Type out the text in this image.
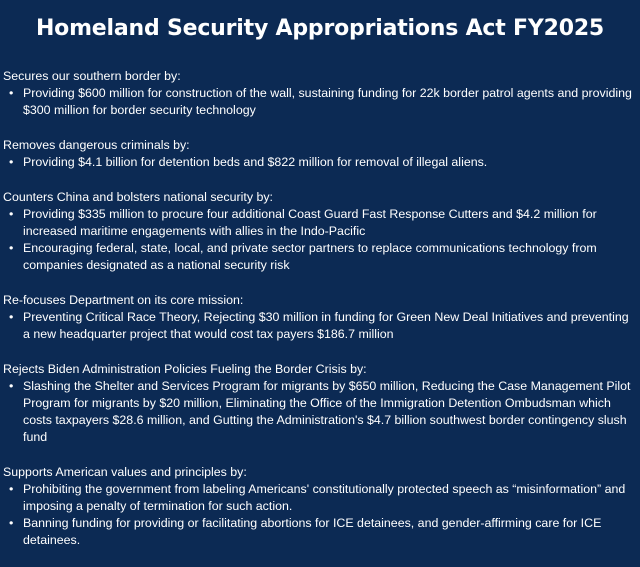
Homeland Security Appropriations Act FY2025

Secures our southern border by:

• Providing $600 million for construction of the wall, sustaining funding for 22k border patrol agents and providing $300 million for border security technology

Removes dangerous criminals by:

• Providing $4.1 billion for detention beds and $822 million for removal of illegal aliens.

Counters China and bolsters national security by:

• Providing $335 million to procure four additional Coast Guard Fast Response Cutters and $4.2 million for increased maritime engagements with allies in the Indo-Pacific
• Encouraging federal, state, local, and private sector partners to replace communications technology from companies designated as a national security risk

Re-focuses Department on its core mission:

• Preventing Critical Race Theory, Rejecting $30 million in funding for Green New Deal Initiatives and preventing a new headquarter project that would cost tax payers $186.7 million

Rejects Biden Administration Policies Fueling the Border Crisis by:

• Slashing the Shelter and Services Program for migrants by $650 million, Reducing the Case Management Pilot Program for migrants by $20 million, Eliminating the Office of the Immigration Detention Ombudsman which costs taxpayers $28.6 million, and Gutting the Administration's $4.7 billion southwest border contingency slush fund

Supports American values and principles by:

• Prohibiting the government from labeling Americans' constitutionally protected speech as “misinformation” and imposing a penalty of termination for such action.
• Banning funding for providing or facilitating abortions for ICE detainees, and gender-affirming care for ICE detainees.
